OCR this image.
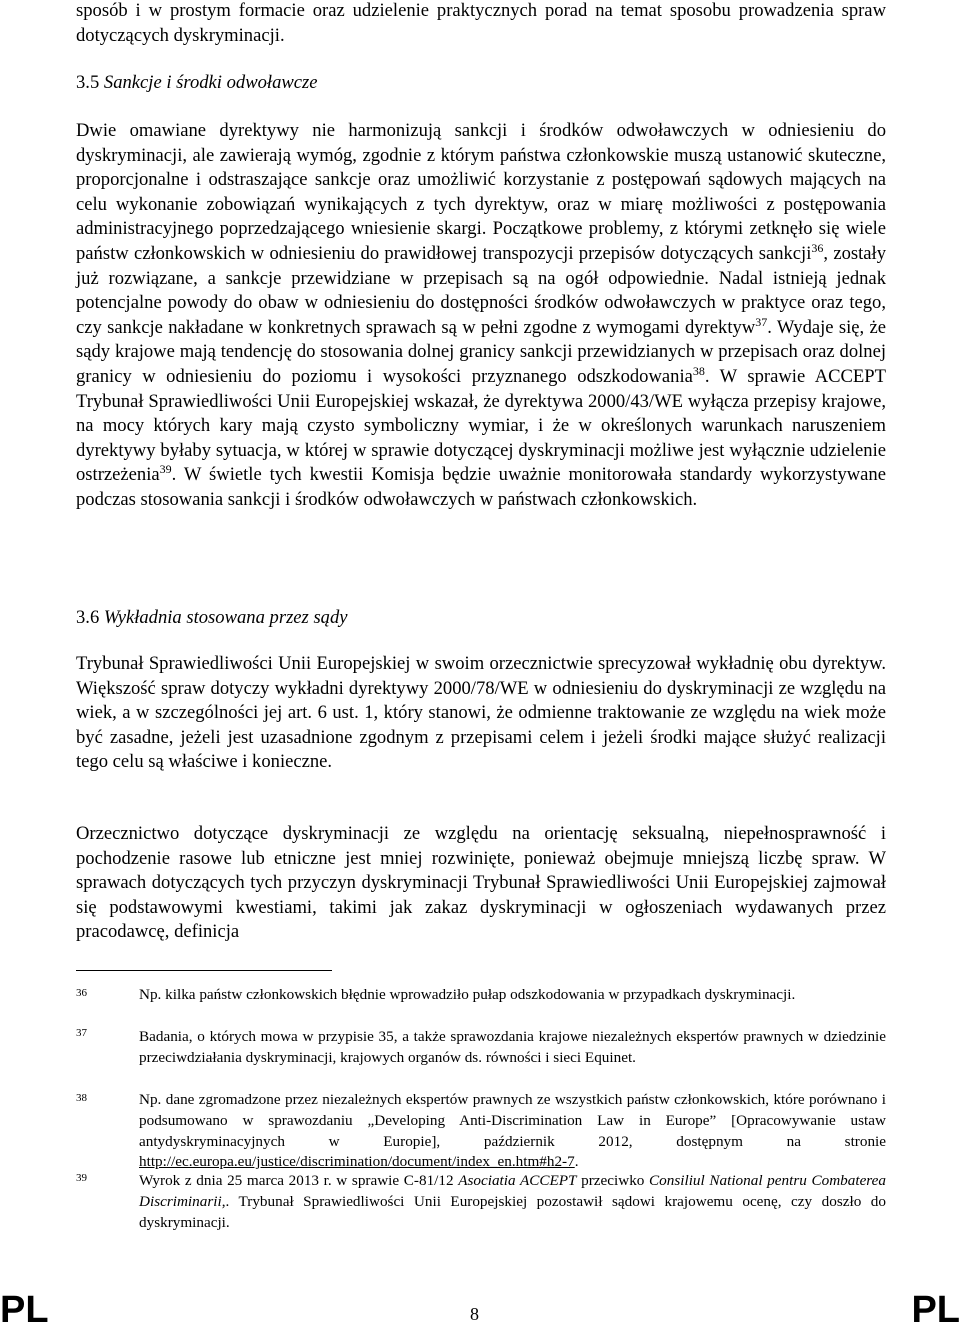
sposób i w prostym formacie oraz udzielenie praktycznych porad na temat sposobu prowadzenia spraw dotyczących dyskryminacji.

3.5 Sankcje i środki odwoławcze

Dwie omawiane dyrektywy nie harmonizują sankcji i środków odwoławczych w odniesieniu do dyskryminacji, ale zawierają wymóg, zgodnie z którym państwa członkowskie muszą ustanowić skuteczne, proporcjonalne i odstraszające sankcje oraz umożliwić korzystanie z postępowań sądowych mających na celu wykonanie zobowiązań wynikających z tych dyrektyw, oraz w miarę możliwości z postępowania administracyjnego poprzedzającego wniesienie skargi. Początkowe problemy, z którymi zetknęło się wiele państw członkowskich w odniesieniu do prawidłowej transpozycji przepisów dotyczących sankcji$^{36}$, zostały już rozwiązane, a sankcje przewidziane w przepisach są na ogół odpowiednie. Nadal istnieją jednak potencjalne powody do obaw w odniesieniu do dostępności środków odwoławczych w praktyce oraz tego, czy sankcje nakładane w konkretnych sprawach są w pełni zgodne z wymogami dyrektyw$^{37}$. Wydaje się, że sądy krajowe mają tendencję do stosowania dolnej granicy sankcji przewidzianych w przepisach oraz dolnej granicy w odniesieniu do poziomu i wysokości przyznanego odszkodowania$^{38}$. W sprawie ACCEPT Trybunał Sprawiedliwości Unii Europejskiej wskazał, że dyrektywa 2000/43/WE wyłącza przepisy krajowe, na mocy których kary mają czysto symboliczny wymiar, i że w określonych warunkach naruszeniem dyrektywy byłaby sytuacja, w której w sprawie dotyczącej dyskryminacji możliwe jest wyłącznie udzielenie ostrzeżenia$^{39}$. W świetle tych kwestii Komisja będzie uważnie monitorowała standardy wykorzystywane podczas stosowania sankcji i środków odwoławczych w państwach członkowskich.

3.6 Wykładnia stosowana przez sądy

Trybunał Sprawiedliwości Unii Europejskiej w swoim orzecznictwie sprecyzował wykładnię obu dyrektyw. Większość spraw dotyczy wykładni dyrektywy 2000/78/WE w odniesieniu do dyskryminacji ze względu na wiek, a w szczególności jej art. 6 ust. 1, który stanowi, że odmienne traktowanie ze względu na wiek może być zasadne, jeżeli jest uzasadnione zgodnym z przepisami celem i jeżeli środki mające służyć realizacji tego celu są właściwe i konieczne.

Orzecznictwo dotyczące dyskryminacji ze względu na orientację seksualną, niepełnosprawność i pochodzenie rasowe lub etniczne jest mniej rozwinięte, ponieważ obejmuje mniejszą liczbę spraw. W sprawach dotyczących tych przyczyn dyskryminacji Trybunał Sprawiedliwości Unii Europejskiej zajmował się podstawowymi kwestiami, takimi jak zakaz dyskryminacji w ogłoszeniach wydawanych przez pracodawcę, definicja

36	Np. kilka państw członkowskich błędnie wprowadziło pułap odszkodowania w przypadkach dyskryminacji.
37	Badania, o których mowa w przypisie 35, a także sprawozdania krajowe niezależnych ekspertów prawnych w dziedzinie przeciwdziałania dyskryminacji, krajowych organów ds. równości i sieci Equinet.
38	Np. dane zgromadzone przez niezależnych ekspertów prawnych ze wszystkich państw członkowskich, które porównano i podsumowano w sprawozdaniu „Developing Anti-Discrimination Law in Europe” [Opracowywanie ustaw antydyskryminacyjnych w Europie], październik 2012, dostępnym na stronie http://ec.europa.eu/justice/discrimination/document/index_en.htm#h2-7.
39	Wyrok z dnia 25 marca 2013 r. w sprawie C-81/12 Asociatia ACCEPT przeciwko Consiliul National pentru Combaterea Discriminarii,. Trybunał Sprawiedliwości Unii Europejskiej pozostawił sądowi krajowemu ocenę, czy doszło do dyskryminacji.
PL	8	PL
